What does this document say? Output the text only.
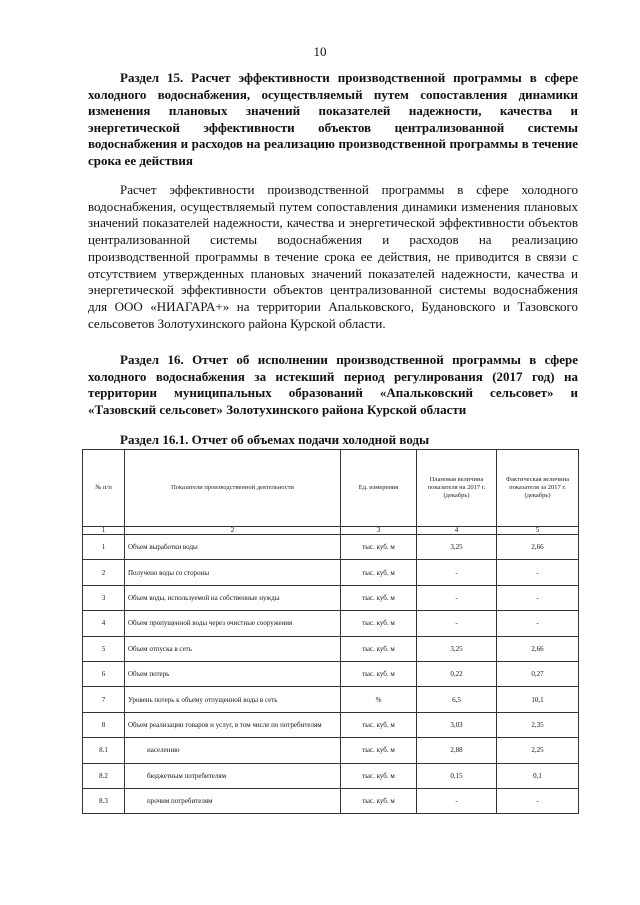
10
Раздел 15. Расчет эффективности производственной программы в сфере холодного водоснабжения, осуществляемый путем сопоставления динамики изменения плановых значений показателей надежности, качества и энергетической эффективности объектов централизованной системы водоснабжения и расходов на реализацию производственной программы в течение срока ее действия
Расчет эффективности производственной программы в сфере холодного водоснабжения, осуществляемый путем сопоставления динамики изменения плановых значений показателей надежности, качества и энергетической эффективности объектов централизованной системы водоснабжения и расходов на реализацию производственной программы в течение срока ее действия, не приводится в связи с отсутствием утвержденных плановых значений показателей надежности, качества и энергетической эффективности объектов централизованной системы водоснабжения для ООО «НИАГАРА+» на территории Апальковского, Будановского и Тазовского сельсоветов Золотухинского района Курской области.
Раздел 16. Отчет об исполнении производственной программы в сфере холодного водоснабжения за истекший период регулирования (2017 год) на территории муниципальных образований «Апальковский сельсовет» и «Тазовский сельсовет» Золотухинского района Курской области
Раздел 16.1. Отчет об объемах подачи холодной воды
№ п/п	Показатели производственной деятельности	Ед. измерения	Плановая величина показателя на 2017 г. (декабрь)	Фактическая величина показателя за 2017 г. (декабрь)
1	2	3	4	5
1	Объем выработки воды	тыс. куб. м	3,25	2,66
2	Получено воды со стороны	тыс. куб. м	-	-
3	Объем воды, используемой на собственные нужды	тыс. куб. м	-	-
4	Объем пропущенной воды через очистные сооружения	тыс. куб. м	-	-
5	Объем отпуска в сеть	тыс. куб. м	3,25	2,66
6	Объем потерь	тыс. куб. м	0,22	0,27
7	Уровень потерь к объему отпущенной воды в сеть	%	6,5	10,1
8	Объем реализации товаров и услуг, в том числе по потребителям	тыс. куб. м	3,03	2,35
8.1	населению	тыс. куб. м	2,88	2,25
8.2	бюджетным потребителям	тыс. куб. м	0,15	0,1
8.3	прочим потребителям	тыс. куб. м	-	-
